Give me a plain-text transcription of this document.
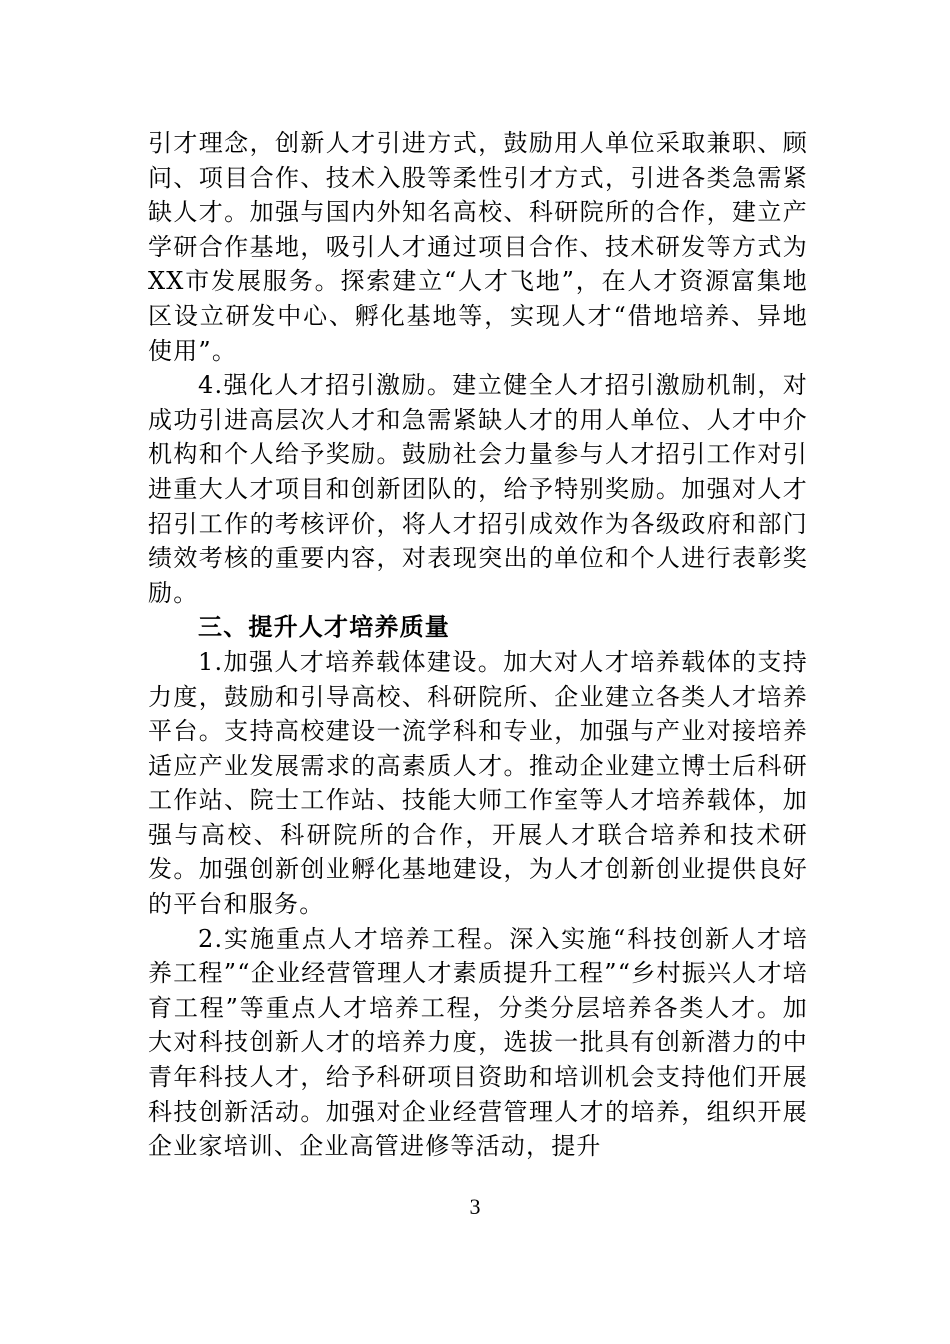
引才理念，创新人才引进方式，鼓励用人单位采取兼职、顾问、项目合作、技术入股等柔性引才方式，引进各类急需紧缺人才。加强与国内外知名高校、科研院所的合作，建立产学研合作基地，吸引人才通过项目合作、技术研发等方式为XX市发展服务。探索建立“人才飞地”，在人才资源富集地区设立研发中心、孵化基地等，实现人才“借地培养、异地使用”。

4.强化人才招引激励。建立健全人才招引激励机制，对成功引进高层次人才和急需紧缺人才的用人单位、人才中介机构和个人给予奖励。鼓励社会力量参与人才招引工作对引进重大人才项目和创新团队的，给予特别奖励。加强对人才招引工作的考核评价，将人才招引成效作为各级政府和部门绩效考核的重要内容，对表现突出的单位和个人进行表彰奖励。

三、提升人才培养质量

1.加强人才培养载体建设。加大对人才培养载体的支持力度，鼓励和引导高校、科研院所、企业建立各类人才培养平台。支持高校建设一流学科和专业，加强与产业对接培养适应产业发展需求的高素质人才。推动企业建立博士后科研工作站、院士工作站、技能大师工作室等人才培养载体，加强与高校、科研院所的合作，开展人才联合培养和技术研发。加强创新创业孵化基地建设，为人才创新创业提供良好的平台和服务。

2.实施重点人才培养工程。深入实施“科技创新人才培养工程”“企业经营管理人才素质提升工程”“乡村振兴人才培育工程”等重点人才培养工程，分类分层培养各类人才。加大对科技创新人才的培养力度，选拔一批具有创新潜力的中青年科技人才，给予科研项目资助和培训机会支持他们开展科技创新活动。加强对企业经营管理人才的培养，组织开展企业家培训、企业高管进修等活动，提升

3
